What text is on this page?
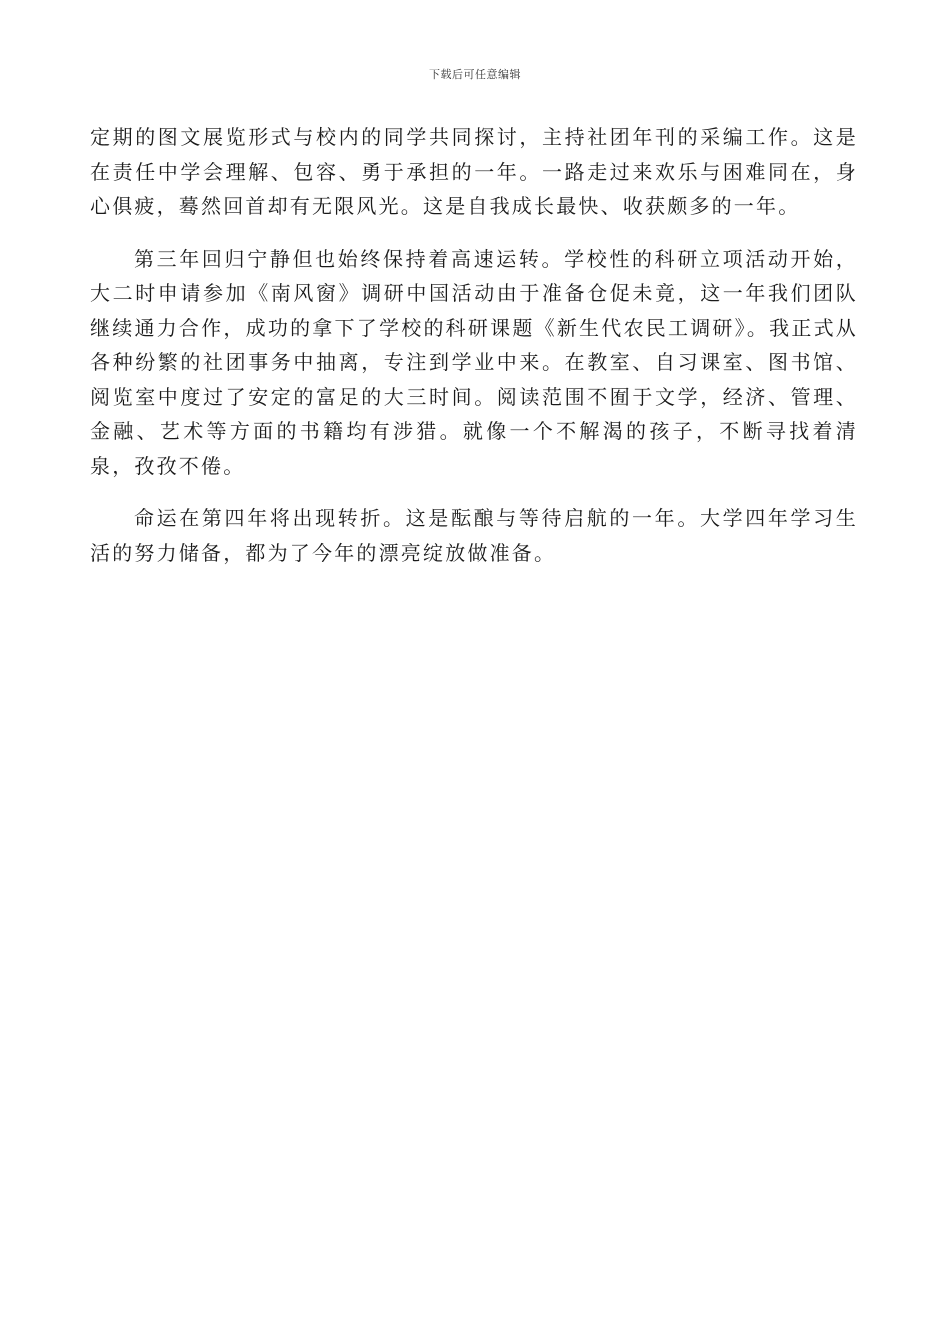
下载后可任意编辑

定期的图文展览形式与校内的同学共同探讨，主持社团年刊的采编工作。这是在责任中学会理解、包容、勇于承担的一年。一路走过来欢乐与困难同在，身心俱疲，蓦然回首却有无限风光。这是自我成长最快、收获颇多的一年。

第三年回归宁静但也始终保持着高速运转。学校性的科研立项活动开始，大二时申请参加《南风窗》调研中国活动由于准备仓促未竟，这一年我们团队继续通力合作，成功的拿下了学校的科研课题《新生代农民工调研》。我正式从各种纷繁的社团事务中抽离，专注到学业中来。在教室、自习课室、图书馆、阅览室中度过了安定的富足的大三时间。阅读范围不囿于文学，经济、管理、金融、艺术等方面的书籍均有涉猎。就像一个不解渴的孩子，不断寻找着清泉，孜孜不倦。

命运在第四年将出现转折。这是酝酿与等待启航的一年。大学四年学习生活的努力储备，都为了今年的漂亮绽放做准备。
